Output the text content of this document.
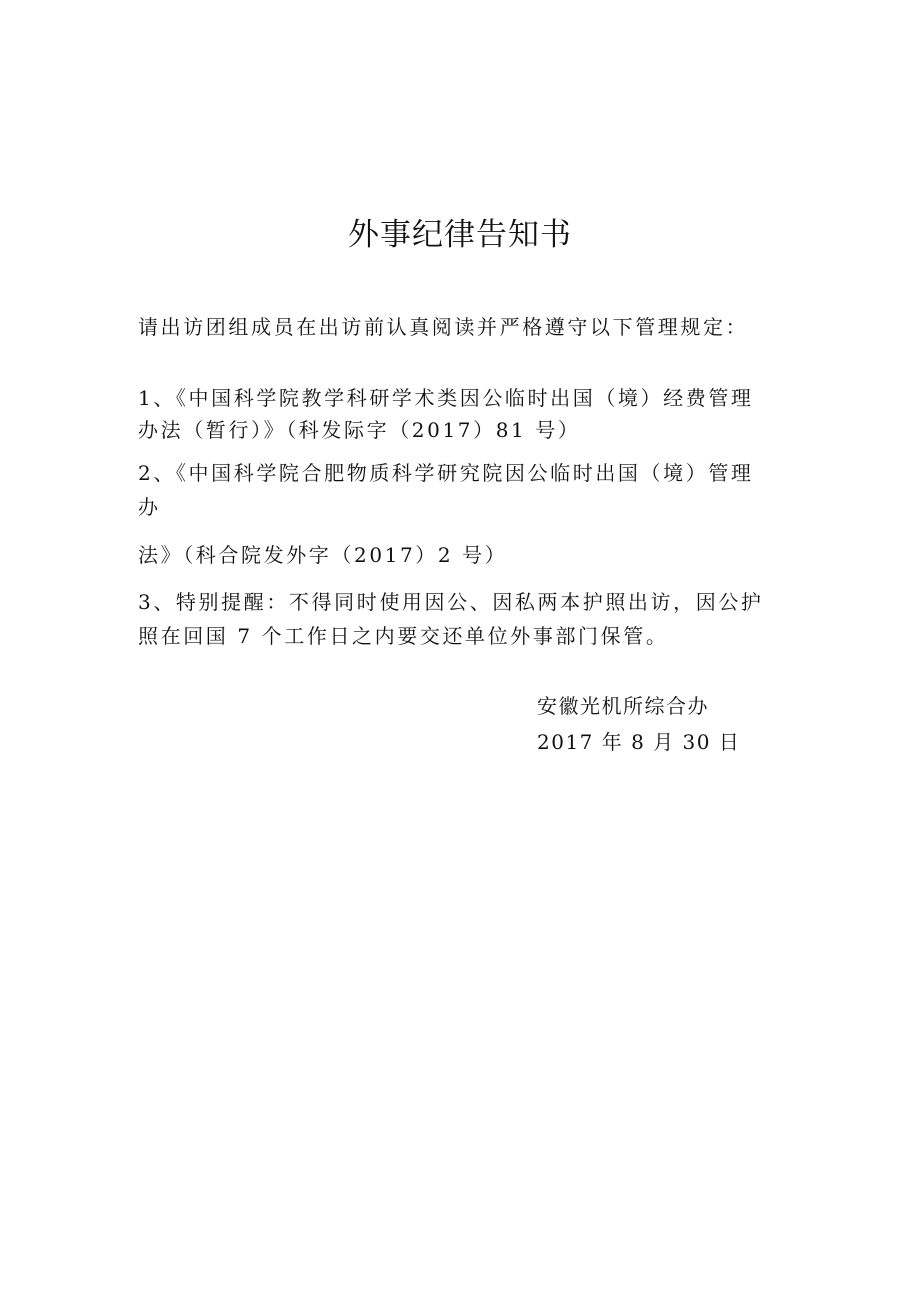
外事纪律告知书

请出访团组成员在出访前认真阅读并严格遵守以下管理规定：

1、《中国科学院教学科研学术类因公临时出国（境）经费管理

办法（暂行）》（科发际字（2017）81 号）

2、《中国科学院合肥物质科学研究院因公临时出国（境）管理

办

法》（科合院发外字（2017）2 号）

3、特别提醒：不得同时使用因公、因私两本护照出访，因公护

照在回国 7 个工作日之内要交还单位外事部门保管。

安徽光机所综合办

2017 年 8 月 30 日
